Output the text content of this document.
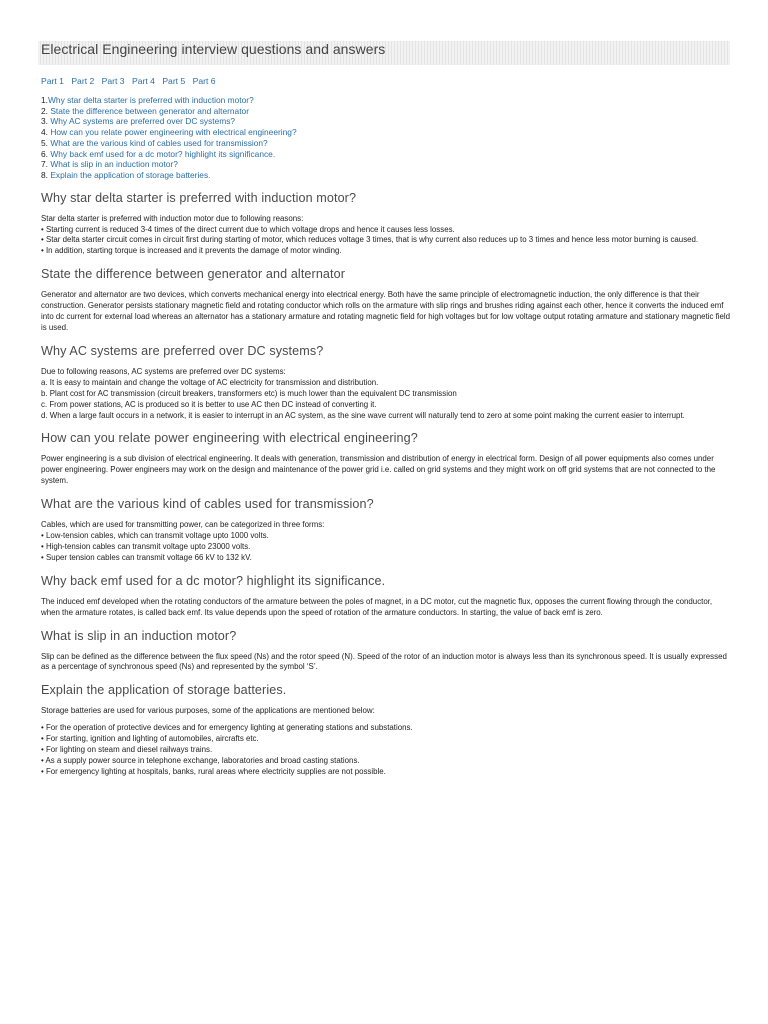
Electrical Engineering interview questions and answers
Part 1 Part 2 Part 3 Part 4 Part 5 Part 6
1.Why star delta starter is preferred with induction motor?
2. State the difference between generator and alternator
3. Why AC systems are preferred over DC systems?
4. How can you relate power engineering with electrical engineering?
5. What are the various kind of cables used for transmission?
6. Why back emf used for a dc motor? highlight its significance.
7. What is slip in an induction motor?
8. Explain the application of storage batteries.
Why star delta starter is preferred with induction motor?
Star delta starter is preferred with induction motor due to following reasons:
• Starting current is reduced 3-4 times of the direct current due to which voltage drops and hence it causes less losses.
• Star delta starter circuit comes in circuit first during starting of motor, which reduces voltage 3 times, that is why current also reduces up to 3 times and hence less motor burning is caused.
• In addition, starting torque is increased and it prevents the damage of motor winding.
State the difference between generator and alternator
Generator and alternator are two devices, which converts mechanical energy into electrical energy. Both have the same principle of electromagnetic induction, the only difference is that their construction. Generator persists stationary magnetic field and rotating conductor which rolls on the armature with slip rings and brushes riding against each other, hence it converts the induced emf into dc current for external load whereas an alternator has a stationary armature and rotating magnetic field for high voltages but for low voltage output rotating armature and stationary magnetic field is used.
Why AC systems are preferred over DC systems?
Due to following reasons, AC systems are preferred over DC systems:
a. It is easy to maintain and change the voltage of AC electricity for transmission and distribution.
b. Plant cost for AC transmission (circuit breakers, transformers etc) is much lower than the equivalent DC transmission
c. From power stations, AC is produced so it is better to use AC then DC instead of converting it.
d. When a large fault occurs in a network, it is easier to interrupt in an AC system, as the sine wave current will naturally tend to zero at some point making the current easier to interrupt.
How can you relate power engineering with electrical engineering?
Power engineering is a sub division of electrical engineering. It deals with generation, transmission and distribution of energy in electrical form. Design of all power equipments also comes under power engineering. Power engineers may work on the design and maintenance of the power grid i.e. called on grid systems and they might work on off grid systems that are not connected to the system.
What are the various kind of cables used for transmission?
Cables, which are used for transmitting power, can be categorized in three forms:
• Low-tension cables, which can transmit voltage upto 1000 volts.
• High-tension cables can transmit voltage upto 23000 volts.
• Super tension cables can transmit voltage 66 kV to 132 kV.
Why back emf used for a dc motor? highlight its significance.
The induced emf developed when the rotating conductors of the armature between the poles of magnet, in a DC motor, cut the magnetic flux, opposes the current flowing through the conductor, when the armature rotates, is called back emf. Its value depends upon the speed of rotation of the armature conductors. In starting, the value of back emf is zero.
What is slip in an induction motor?
Slip can be defined as the difference between the flux speed (Ns) and the rotor speed (N). Speed of the rotor of an induction motor is always less than its synchronous speed. It is usually expressed as a percentage of synchronous speed (Ns) and represented by the symbol ‘S’.
Explain the application of storage batteries.
Storage batteries are used for various purposes, some of the applications are mentioned below:
• For the operation of protective devices and for emergency lighting at generating stations and substations.
• For starting, ignition and lighting of automobiles, aircrafts etc.
• For lighting on steam and diesel railways trains.
• As a supply power source in telephone exchange, laboratories and broad casting stations.
• For emergency lighting at hospitals, banks, rural areas where electricity supplies are not possible.
